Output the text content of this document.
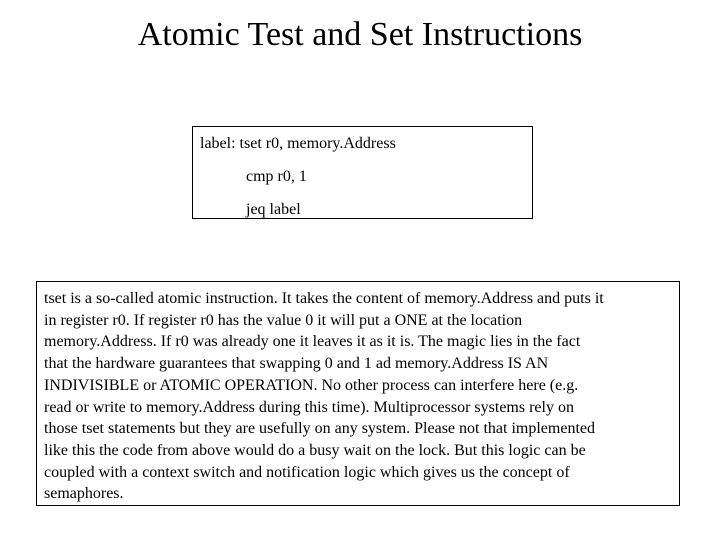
Atomic Test and Set Instructions
label: tset r0, memory.Address
cmp r0, 1
jeq label
tset is a so-called atomic instruction. It takes the content of memory.Address and puts it
in register r0. If register r0 has the value 0 it will put a ONE at the location
memory.Address. If r0 was already one it leaves it as it is. The magic lies in the fact
that the hardware guarantees that swapping 0 and 1 ad memory.Address IS AN
INDIVISIBLE or ATOMIC OPERATION. No other process can interfere here (e.g.
read or write to memory.Address during this time). Multiprocessor systems rely on
those tset statements but they are usefully on any system. Please not that implemented
like this the code from above would do a busy wait on the lock. But this logic can be
coupled with a context switch and notification logic which gives us the concept of
semaphores.
